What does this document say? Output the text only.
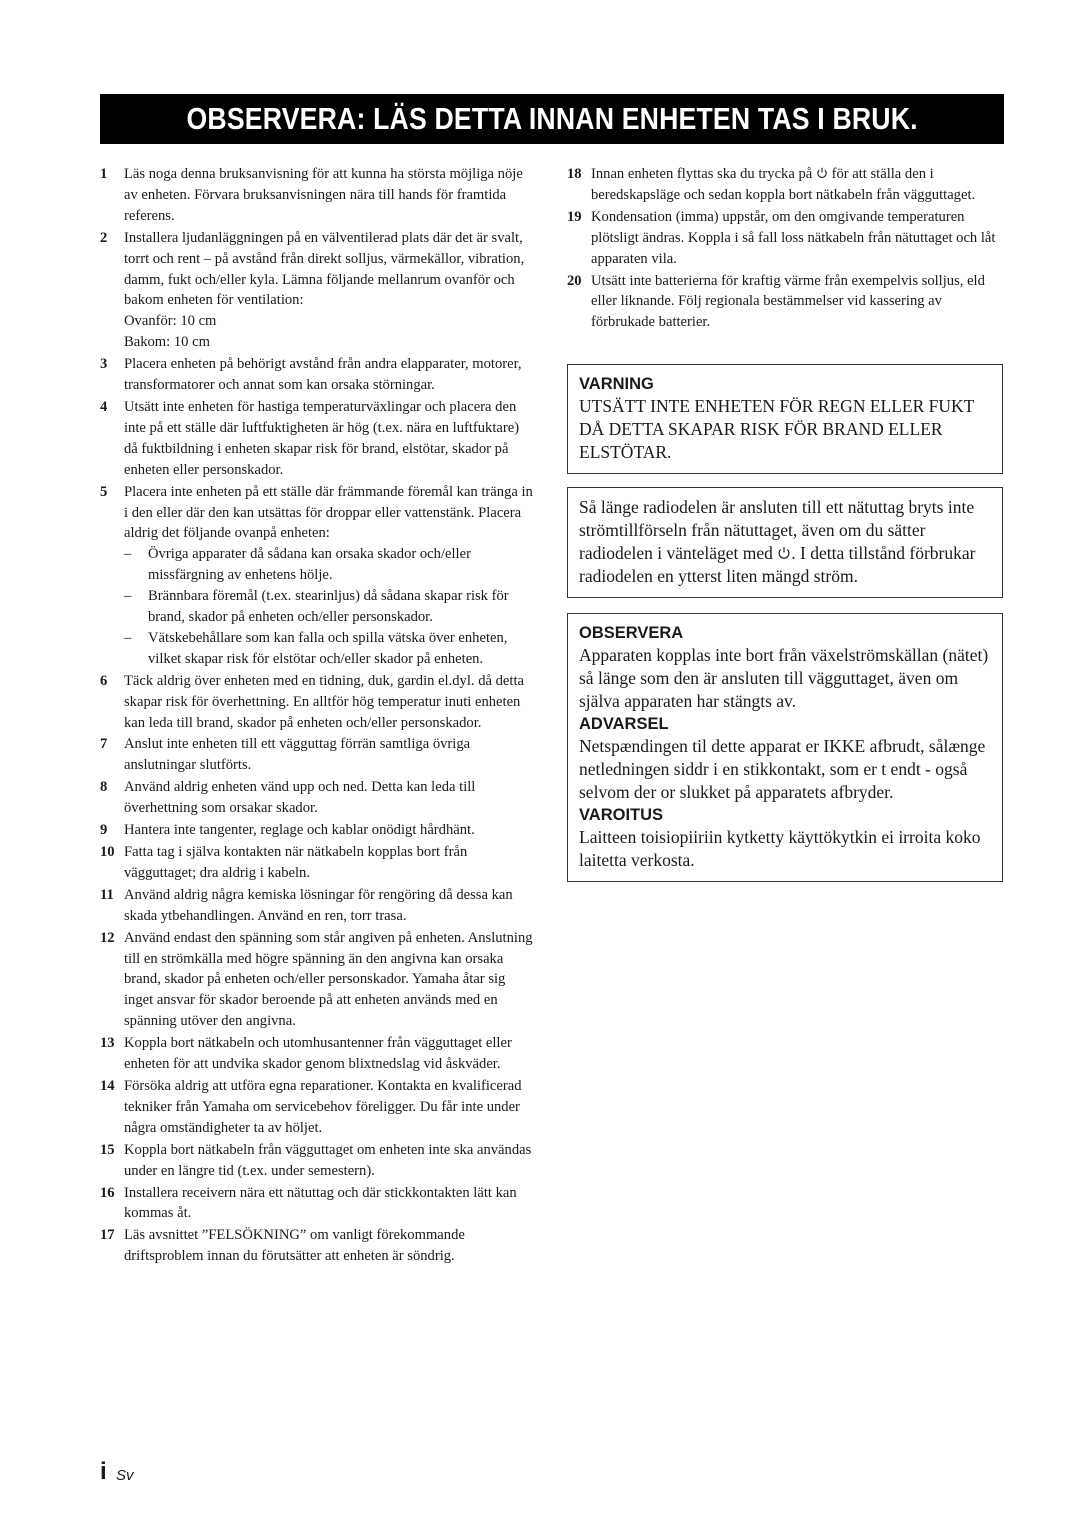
OBSERVERA: LÄS DETTA INNAN ENHETEN TAS I BRUK.
1	Läs noga denna bruksanvisning för att kunna ha största möjliga nöje av enheten. Förvara bruksanvisningen nära till hands för framtida referens.
2	Installera ljudanläggningen på en välventilerad plats där det är svalt, torrt och rent – på avstånd från direkt solljus, värmekällor, vibration, damm, fukt och/eller kyla. Lämna följande mellanrum ovanför och bakom enheten för ventilation:
Ovanför: 10 cm
Bakom: 10 cm
3	Placera enheten på behörigt avstånd från andra elapparater, motorer, transformatorer och annat som kan orsaka störningar.
4	Utsätt inte enheten för hastiga temperaturväxlingar och placera den inte på ett ställe där luftfuktigheten är hög (t.ex. nära en luftfuktare) då fuktbildning i enheten skapar risk för brand, elstötar, skador på enheten eller personskador.
5	Placera inte enheten på ett ställe där främmande föremål kan tränga in i den eller där den kan utsättas för droppar eller vattenstänk. Placera aldrig det följande ovanpå enheten:
–	Övriga apparater då sådana kan orsaka skador och/eller missfärgning av enhetens hölje.
–	Brännbara föremål (t.ex. stearinljus) då sådana skapar risk för brand, skador på enheten och/eller personskador.
–	Vätskebehållare som kan falla och spilla vätska över enheten, vilket skapar risk för elstötar och/eller skador på enheten.
6	Täck aldrig över enheten med en tidning, duk, gardin el.dyl. då detta skapar risk för överhettning. En alltför hög temperatur inuti enheten kan leda till brand, skador på enheten och/eller personskador.
7	Anslut inte enheten till ett vägguttag förrän samtliga övriga anslutningar slutförts.
8	Använd aldrig enheten vänd upp och ned. Detta kan leda till överhettning som orsakar skador.
9	Hantera inte tangenter, reglage och kablar onödigt hårdhänt.
10 Fatta tag i själva kontakten när nätkabeln kopplas bort från vägguttaget; dra aldrig i kabeln.
11 Använd aldrig några kemiska lösningar för rengöring då dessa kan skada ytbehandlingen. Använd en ren, torr trasa.
12 Använd endast den spänning som står angiven på enheten. Anslutning till en strömkälla med högre spänning än den angivna kan orsaka brand, skador på enheten och/eller personskador. Yamaha åtar sig inget ansvar för skador beroende på att enheten används med en spänning utöver den angivna.
13 Koppla bort nätkabeln och utomhusantenner från vägguttaget eller enheten för att undvika skador genom blixtnedslag vid åskväder.
14 Försöka aldrig att utföra egna reparationer. Kontakta en kvalificerad tekniker från Yamaha om servicebehov föreligger. Du får inte under några omständigheter ta av höljet.
15 Koppla bort nätkabeln från vägguttaget om enheten inte ska användas under en längre tid (t.ex. under semestern).
16 Installera receivern nära ett nätuttag och där stickkontakten lätt kan kommas åt.
17 Läs avsnittet ”FELSÖKNING” om vanligt förekommande driftsproblem innan du förutsätter att enheten är söndrig.
18 Innan enheten flyttas ska du trycka på för att ställa den i beredskapsläge och sedan koppla bort nätkabeln från vägguttaget.
19 Kondensation (imma) uppstår, om den omgivande temperaturen plötsligt ändras. Koppla i så fall loss nätkabeln från nätuttaget och låt apparaten vila.
20 Utsätt inte batterierna för kraftig värme från exempelvis solljus, eld eller liknande. Följ regionala bestämmelser vid kassering av förbrukade batterier.
VARNING
UTSÄTT INTE ENHETEN FÖR REGN ELLER FUKT DÅ DETTA SKAPAR RISK FÖR BRAND ELLER ELSTÖTAR.
Så länge radiodelen är ansluten till ett nätuttag bryts inte strömtillförseln från nätuttaget, även om du sätter radiodelen i vänteläget med . I detta tillstånd förbrukar radiodelen en ytterst liten mängd ström.
OBSERVERA
Apparaten kopplas inte bort från växelströmskällan (nätet) så länge som den är ansluten till vägguttaget, även om själva apparaten har stängts av.
ADVARSEL
Netspændingen til dette apparat er IKKE afbrudt, sålænge netledningen siddr i en stikkontakt, som er t endt - også selvom der or slukket på apparatets afbryder.
VAROITUS
Laitteen toisiopiiriin kytketty käyttökytkin ei irroita koko laitetta verkosta.
i Sv
